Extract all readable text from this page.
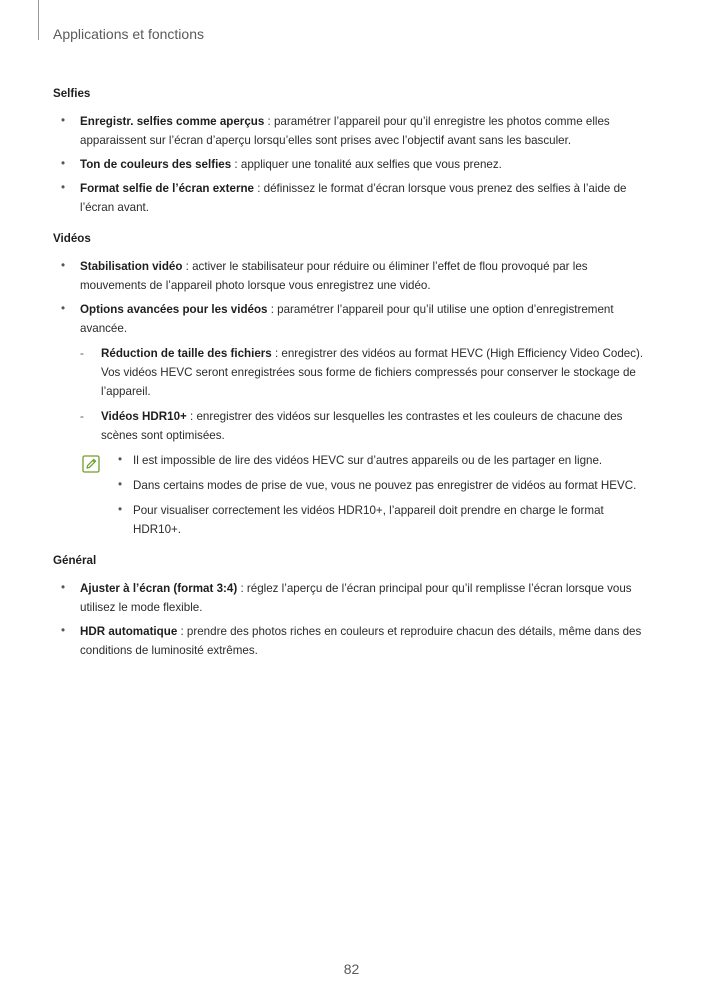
Applications et fonctions
Selfies
• Enregistr. selfies comme aperçus : paramétrer l’appareil pour qu’il enregistre les photos comme elles apparaissent sur l’écran d’aperçu lorsqu’elles sont prises avec l’objectif avant sans les basculer.
• Ton de couleurs des selfies : appliquer une tonalité aux selfies que vous prenez.
• Format selfie de l’écran externe : définissez le format d’écran lorsque vous prenez des selfies à l’aide de l’écran avant.
Vidéos
• Stabilisation vidéo : activer le stabilisateur pour réduire ou éliminer l’effet de flou provoqué par les mouvements de l’appareil photo lorsque vous enregistrez une vidéo.
• Options avancées pour les vidéos : paramétrer l’appareil pour qu’il utilise une option d’enregistrement avancée.
- Réduction de taille des fichiers : enregistrer des vidéos au format HEVC (High Efficiency Video Codec). Vos vidéos HEVC seront enregistrées sous forme de fichiers compressés pour conserver le stockage de l’appareil.
- Vidéos HDR10+ : enregistrer des vidéos sur lesquelles les contrastes et les couleurs de chacune des scènes sont optimisées.
• Il est impossible de lire des vidéos HEVC sur d’autres appareils ou de les partager en ligne.
• Dans certains modes de prise de vue, vous ne pouvez pas enregistrer de vidéos au format HEVC.
• Pour visualiser correctement les vidéos HDR10+, l’appareil doit prendre en charge le format HDR10+.
Général
• Ajuster à l’écran (format 3:4) : réglez l’aperçu de l’écran principal pour qu’il remplisse l’écran lorsque vous utilisez le mode flexible.
• HDR automatique : prendre des photos riches en couleurs et reproduire chacun des détails, même dans des conditions de luminosité extrêmes.
82
